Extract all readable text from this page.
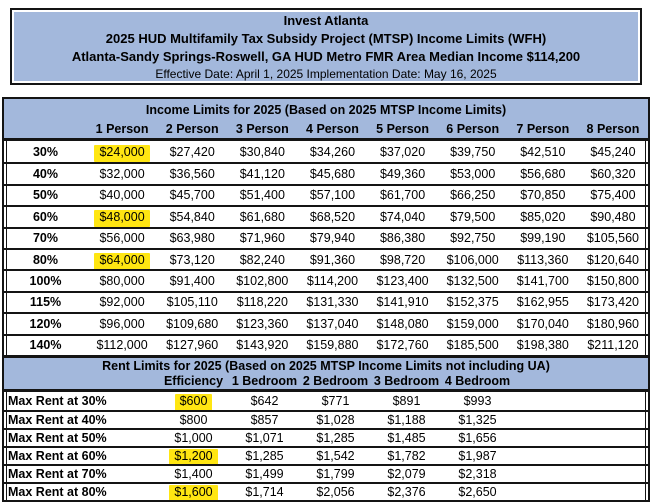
Invest Atlanta
2025 HUD Multifamily Tax Subsidy Project (MTSP) Income Limits (WFH)
Atlanta-Sandy Springs-Roswell, GA HUD Metro FMR Area Median Income $114,200
Effective Date: April 1, 2025 Implementation Date: May 16, 2025
Income Limits for 2025 (Based on 2025 MTSP Income Limits)
1 Person	2 Person	3 Person	4 Person	5 Person	6 Person	7 Person	8 Person
30%	$24,000	$27,420 $30,840 $34,260 $37,020 $39,750 $42,510 $45,240
40%	$32,000 $36,560 $41,120 $45,680 $49,360 $53,000 $56,680 $60,320
50%	$40,000 $45,700 $51,400 $57,100 $61,700 $66,250 $70,850 $75,400
60%	$48,000	$54,840 $61,680 $68,520 $74,040 $79,500 $85,020 $90,480
70%	$56,000 $63,980 $71,960 $79,940 $86,380 $92,750 $99,190 $105,560
80%	$64,000	$73,120 $82,240 $91,360 $98,720 $106,000 $113,360 $120,640
100%	$80,000 $91,400 $102,800 $114,200 $123,400 $132,500 $141,700 $150,800
115%	$92,000 $105,110 $118,220 $131,330 $141,910 $152,375 $162,955 $173,420
120%	$96,000 $109,680 $123,360 $137,040 $148,080 $159,000 $170,040 $180,960
140%	$112,000 $127,960 $143,920 $159,880 $172,760 $185,500 $198,380 $211,120
Rent Limits for 2025 (Based on 2025 MTSP Income Limits not including UA)
Efficiency 1 Bedroom 2 Bedroom 3 Bedroom 4 Bedroom
Max Rent at 30%	$600	$642	$771	$891	$993
Max Rent at 40%	$800	$857	$1,028	$1,188	$1,325
Max Rent at 50%	$1,000	$1,071	$1,285	$1,485	$1,656
Max Rent at 60%	$1,200	$1,285	$1,542	$1,782	$1,987
Max Rent at 70%	$1,400	$1,499	$1,799	$2,079	$2,318
Max Rent at 80%	$1,600	$1,714	$2,056	$2,376	$2,650
